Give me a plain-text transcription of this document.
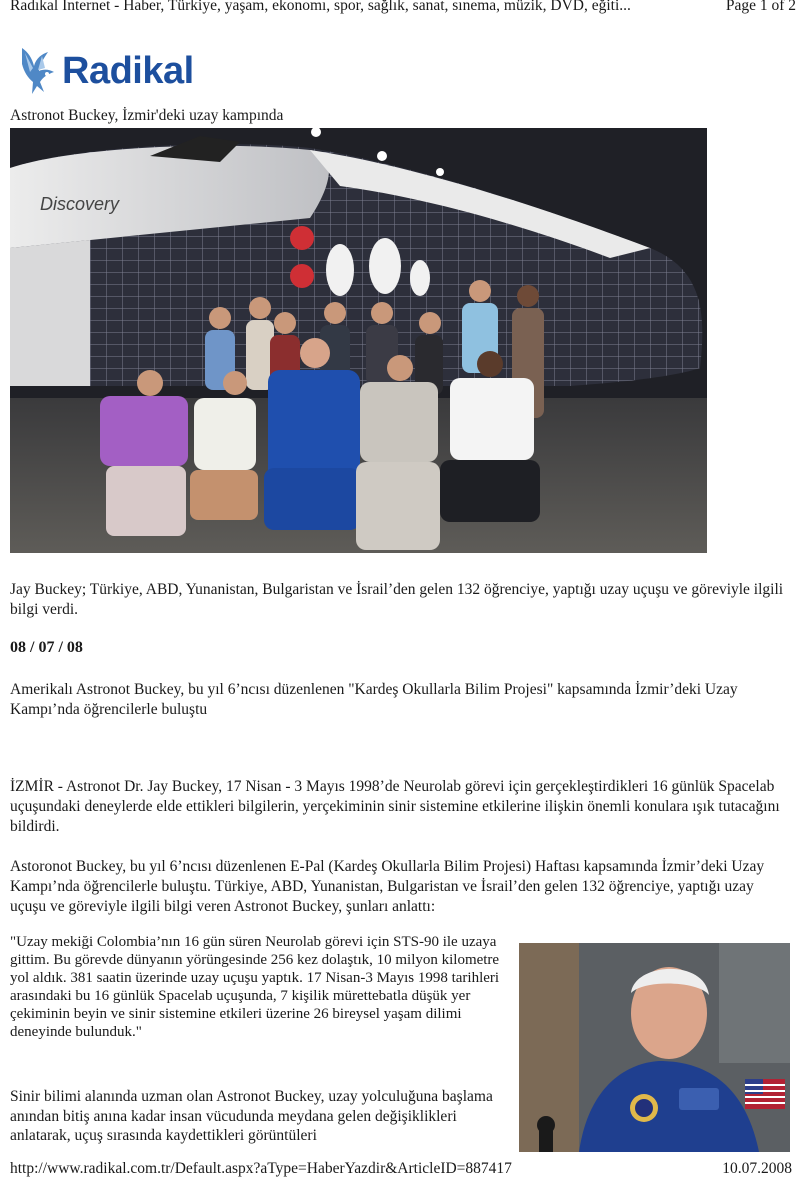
Radıkal Internet - Haber, Türkiye, yaşam, ekonomı, spor, sağlık, sanat, sınema, müzik, DVD, eğiti...	Page 1 of 2
Radikal
Astronot Buckey, İzmir'deki uzay kampında
Discovery
Jay Buckey; Türkiye, ABD, Yunanistan, Bulgaristan ve İsrail’den gelen 132 öğrenciye, yaptığı uzay uçuşu ve göreviyle ilgili bilgi verdi.
08 / 07 / 08
Amerikalı Astronot Buckey, bu yıl 6’ncısı düzenlenen "Kardeş Okullarla Bilim Projesi" kapsamında İzmir’deki Uzay Kampı’nda öğrencilerle buluştu
İZMİR - Astronot Dr. Jay Buckey, 17 Nisan - 3 Mayıs 1998’de Neurolab görevi için gerçekleştirdikleri 16 günlük Spacelab uçuşundaki deneylerde elde ettikleri bilgilerin, yerçekiminin sinir sistemine etkilerine ilişkin önemli konulara ışık tutacağını bildirdi.
Astoronot Buckey, bu yıl 6’ncısı düzenlenen E-Pal (Kardeş Okullarla Bilim Projesi) Haftası kapsamında İzmir’deki Uzay Kampı’nda öğrencilerle buluştu. Türkiye, ABD, Yunanistan, Bulgaristan ve İsrail’den gelen 132 öğrenciye, yaptığı uzay uçuşu ve göreviyle ilgili bilgi veren Astronot Buckey, şunları anlattı:
"Uzay mekiği Colombia’nın 16 gün süren Neurolab görevi için STS-90 ile uzaya gittim. Bu görevde dünyanın yörüngesinde 256 kez dolaştık, 10 milyon kilometre yol aldık. 381 saatin üzerinde uzay uçuşu yaptık. 17 Nisan-3 Mayıs 1998 tarihleri arasındaki bu 16 günlük Spacelab uçuşunda, 7 kişilik mürettebatla düşük yer çekiminin beyin ve sinir sistemine etkileri üzerine 26 bireysel yaşam dilimi deneyinde bulunduk."
Sinir bilimi alanında uzman olan Astronot Buckey, uzay yolculuğuna başlama anından bitiş anına kadar insan vücudunda meydana gelen değişiklikleri anlatarak, uçuş sırasında kaydettikleri görüntüleri
http://www.radikal.com.tr/Default.aspx?aType=HaberYazdir&ArticleID=887417	10.07.2008
